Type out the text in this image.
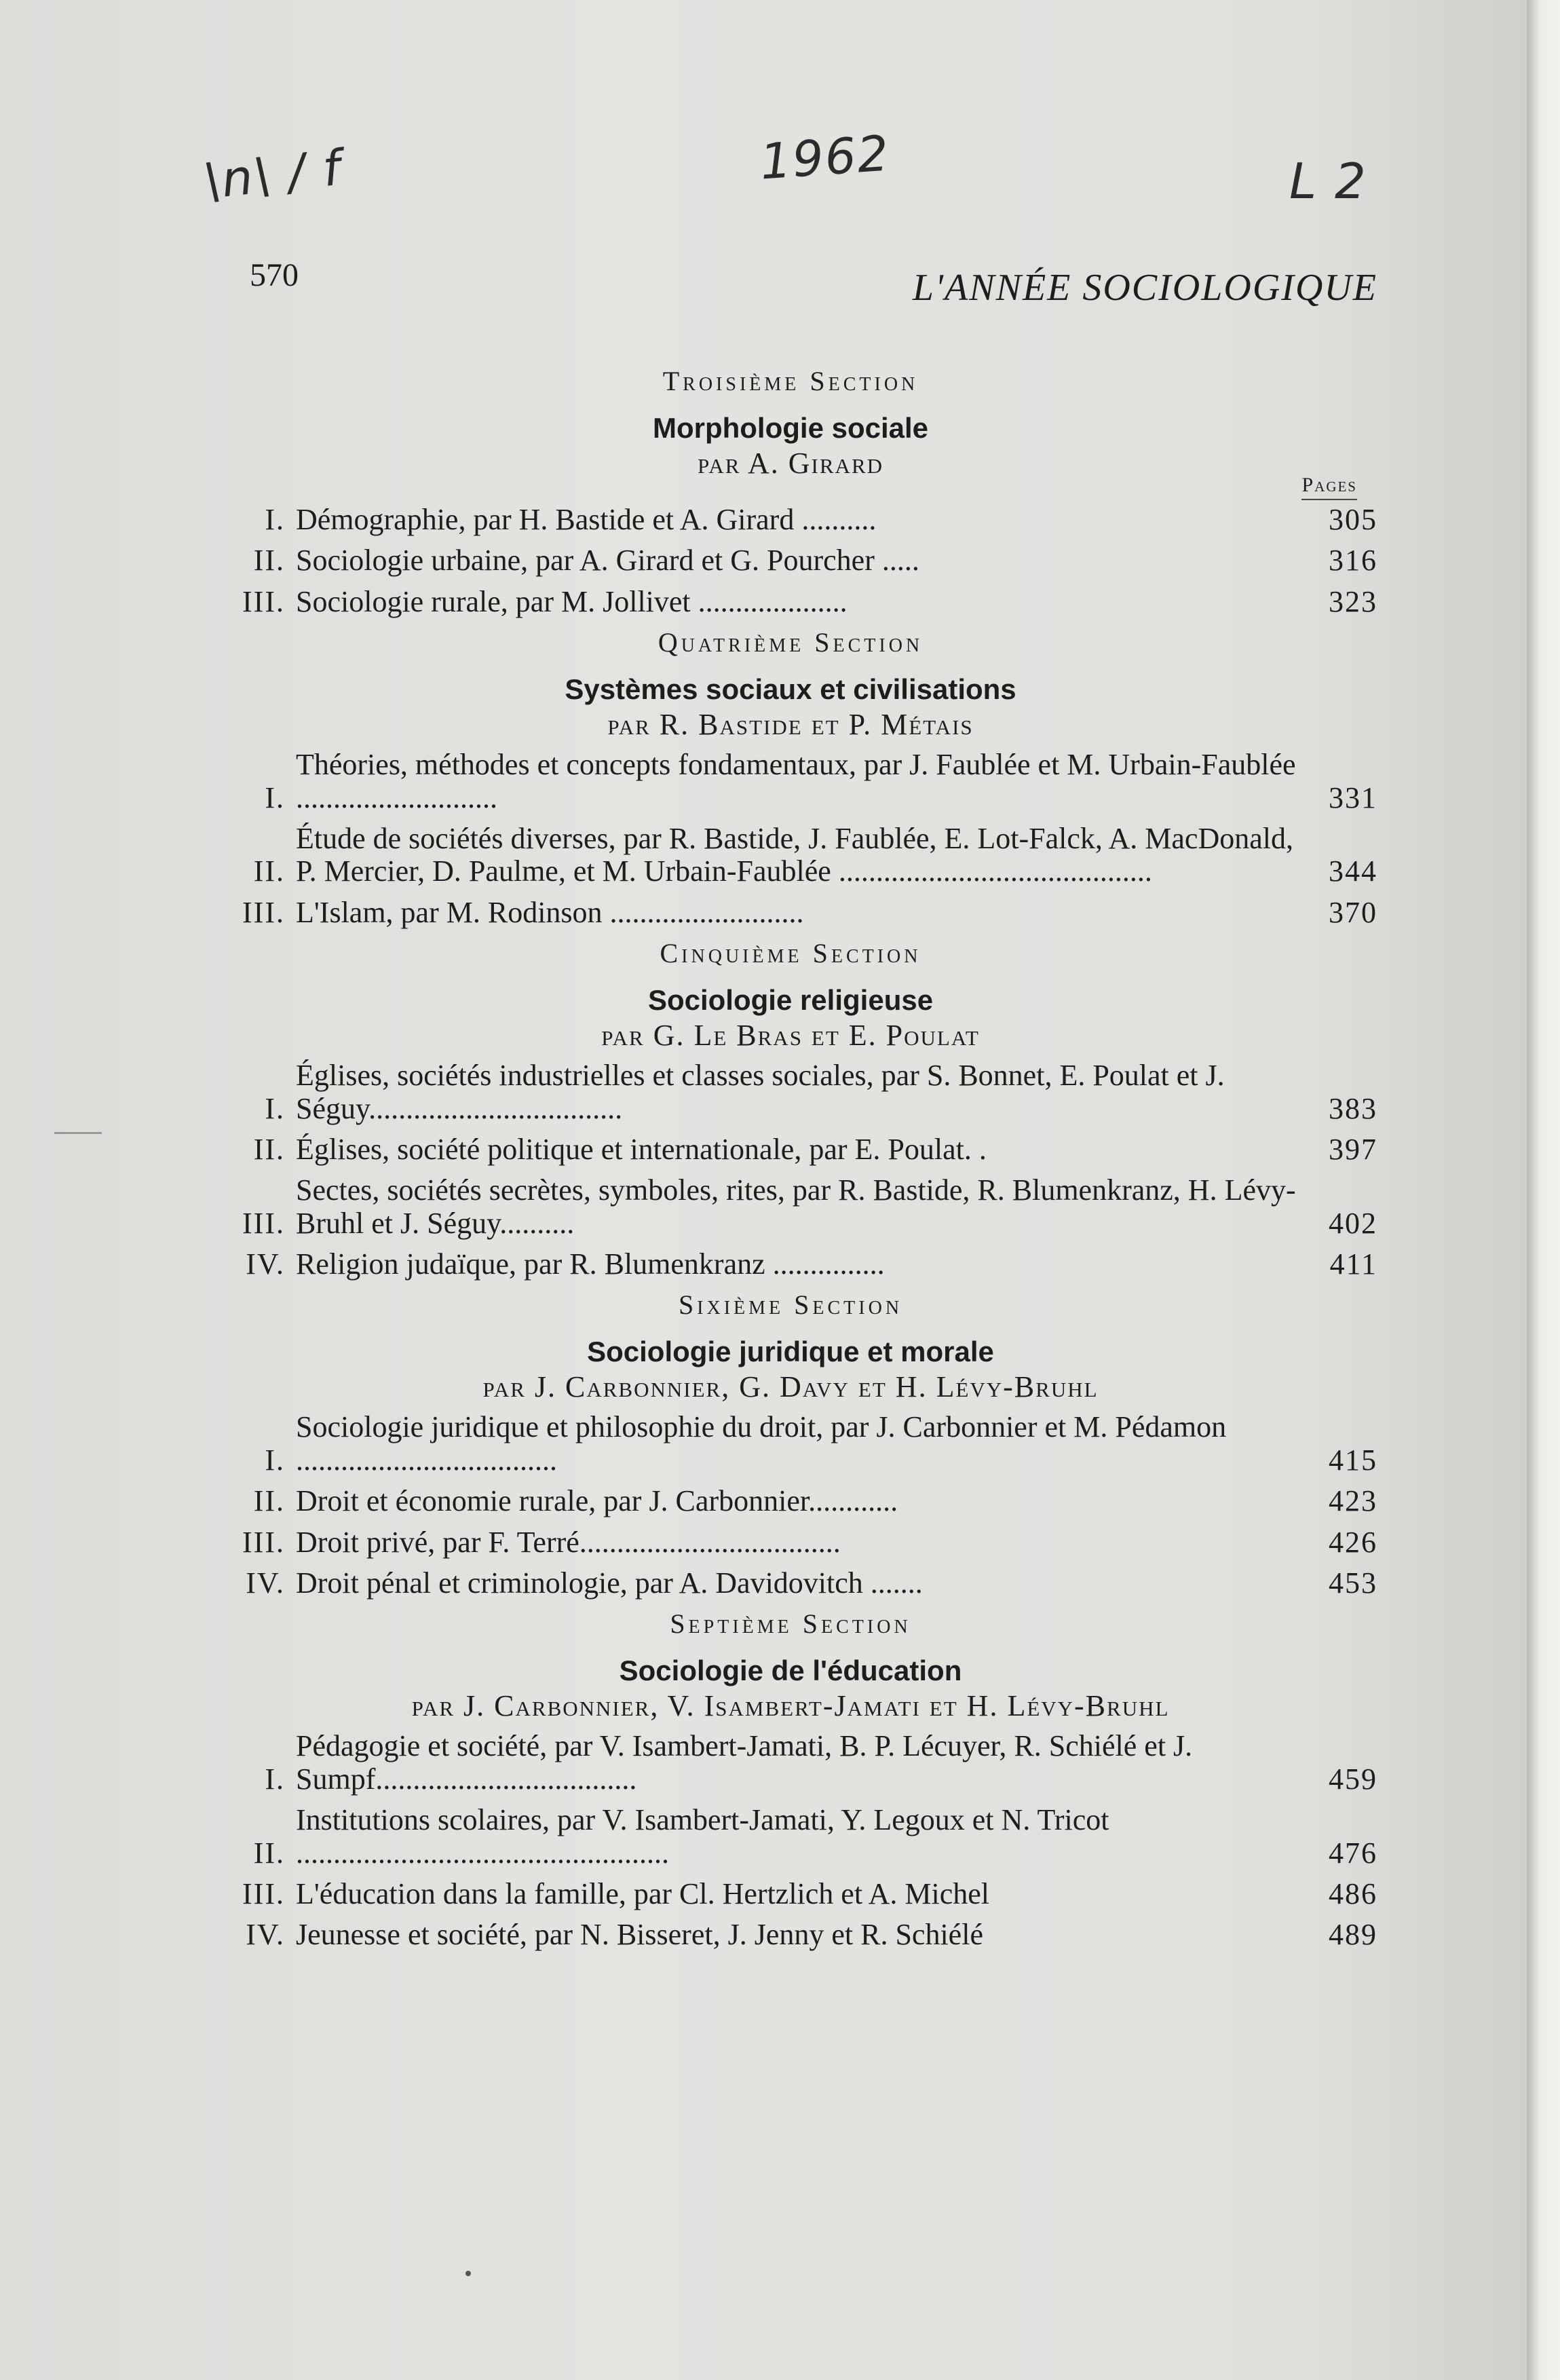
\n\ / f	1962	L 2
570	L'ANNÉE SOCIOLOGIQUE
Troisième Section
Morphologie sociale
par A. Girard
Pages
I. Démographie, par H. Bastide et A. Girard ..........	305
II. Sociologie urbaine, par A. Girard et G. Pourcher .....	316
III. Sociologie rurale, par M. Jollivet ....................	323
Quatrième Section
Systèmes sociaux et civilisations
par R. Bastide et P. Métais
I.
Théories, méthodes et concepts fondamentaux, par J. Faublée et M. Urbain-Faublée ...........................	331
II.
Étude de sociétés diverses, par R. Bastide, J. Faublée, E. Lot-Falck, A. MacDonald, P. Mercier, D. Paulme, et M. Urbain-Faublée ..........................................	344
III. L'Islam, par M. Rodinson ..........................	370
Cinquième Section
Sociologie religieuse
par G. Le Bras et E. Poulat
I.
Églises, sociétés industrielles et classes sociales, par S. Bonnet, E. Poulat et J. Séguy..................................	383
II. Églises, société politique et internationale, par E. Poulat. .	397
III.
Sectes, sociétés secrètes, symboles, rites, par R. Bastide, R. Blumenkranz, H. Lévy-Bruhl et J. Séguy..........	402
IV. Religion judaïque, par R. Blumenkranz ...............	411
Sixième Section
Sociologie juridique et morale
par J. Carbonnier, G. Davy et H. Lévy-Bruhl
I.
Sociologie juridique et philosophie du droit, par J. Carbonnier et M. Pédamon ...................................	415
II. Droit et économie rurale, par J. Carbonnier............	423
III. Droit privé, par F. Terré...................................	426
IV. Droit pénal et criminologie, par A. Davidovitch .......	453
Septième Section
Sociologie de l'éducation
par J. Carbonnier, V. Isambert-Jamati et H. Lévy-Bruhl
I.
Pédagogie et société, par V. Isambert-Jamati, B. P. Lécuyer, R. Schiélé et J. Sumpf...................................	459
II.
Institutions scolaires, par V. Isambert-Jamati, Y. Legoux et N. Tricot ..................................................	476
III. L'éducation dans la famille, par Cl. Hertzlich et A. Michel	486
IV. Jeunesse et société, par N. Bisseret, J. Jenny et R. Schiélé	489
